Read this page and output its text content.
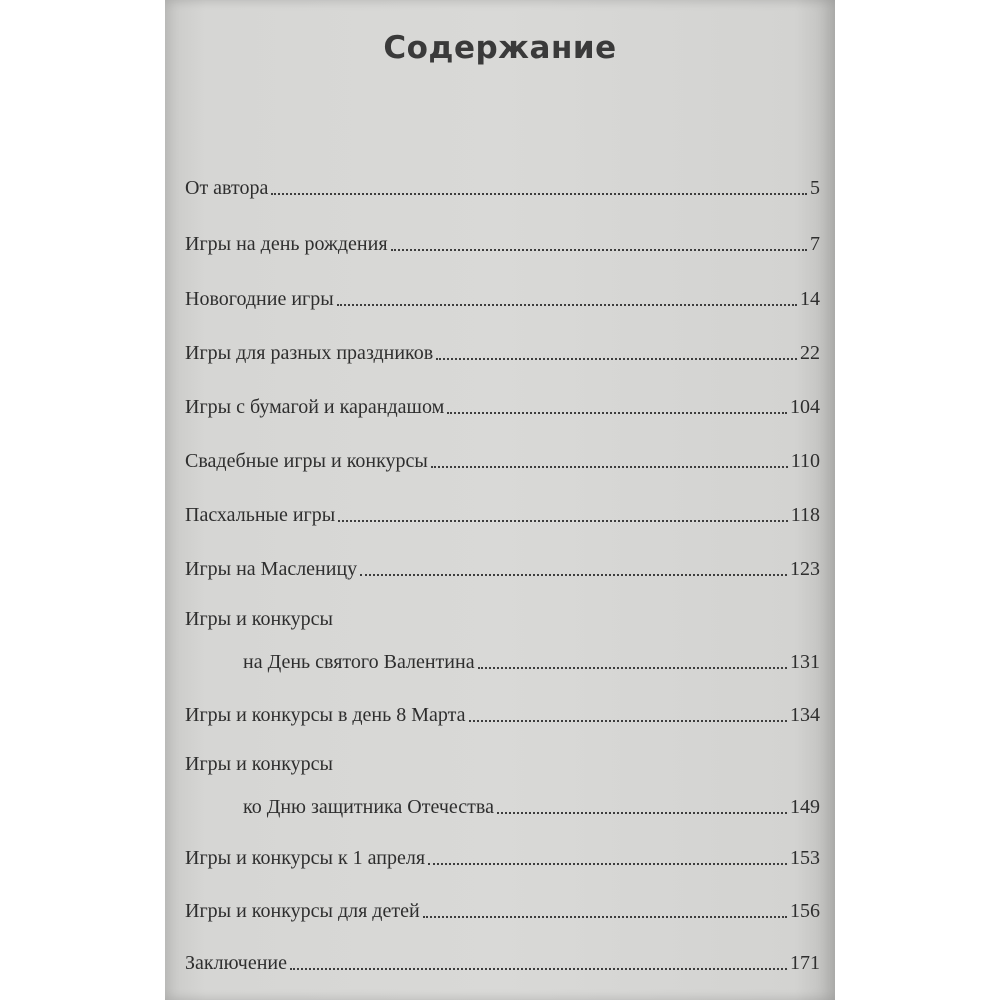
Содержание
От автора	5
Игры на день рождения	7
Новогодние игры	14
Игры для разных праздников	22
Игры с бумагой и карандашом	104
Свадебные игры и конкурсы	110
Пасхальные игры	118
Игры на Масленицу	123
Игры и конкурсы
на День святого Валентина	131
Игры и конкурсы в день 8 Марта	134
Игры и конкурсы
ко Дню защитника Отечества	149
Игры и конкурсы к 1 апреля	153
Игры и конкурсы для детей	156
Заключение	171
